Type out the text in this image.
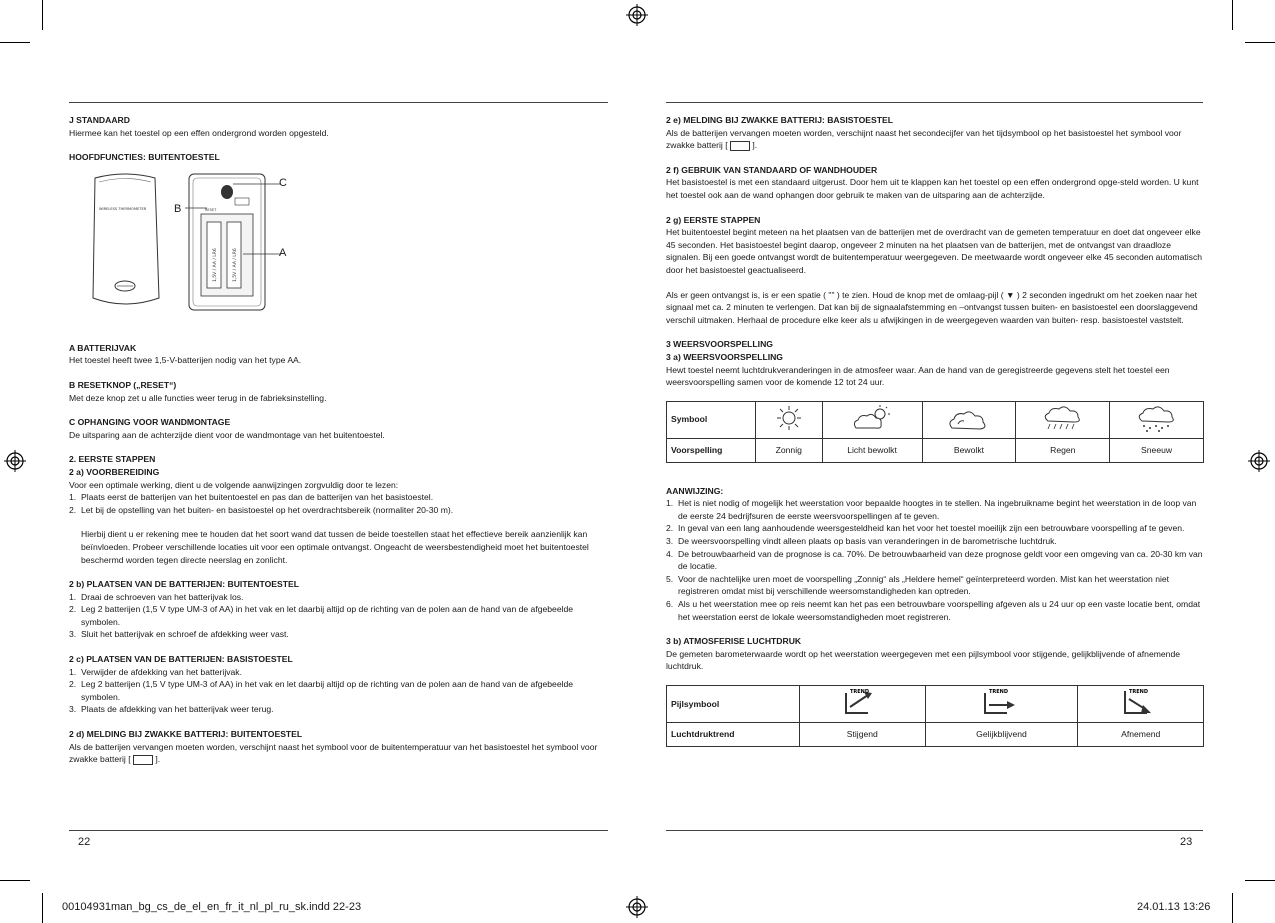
J STANDAARD

Hiermee kan het toestel op een effen ondergrond worden opgesteld.

HOOFDFUNCTIES: BUITENTOESTEL

WIRELESS THERMOMETER
1,5V / AA / LR6	1,5V / AA / LR6
RESET
B
C
A

A BATTERIJVAK

Het toestel heeft twee 1,5-V-batterijen nodig van het type AA.

B RESETKNOP („RESET“)

Met deze knop zet u alle functies weer terug in de fabrieksinstelling.

C OPHANGING VOOR WANDMONTAGE

De uitsparing aan de achterzijde dient voor de wandmontage van het buitentoestel.

2. EERSTE STAPPEN

2 a) VOORBEREIDING

Voor een optimale werking, dient u de volgende aanwijzingen zorgvuldig door te lezen:

1. Plaats eerst de batterijen van het buitentoestel en pas dan de batterijen van het basistoestel.
2. Let bij de opstelling van het buiten- en basistoestel op het overdrachtsbereik (normaliter 20-30 m).

Hierbij dient u er rekening mee te houden dat het soort wand dat tussen de beide toestellen staat het effectieve bereik aanzienlijk kan beïnvloeden. Probeer verschillende locaties uit voor een optimale ontvangst. Ongeacht de weersbestendigheid moet het buitentoestel beschermd worden tegen directe neerslag en zonlicht.

2 b) PLAATSEN VAN DE BATTERIJEN: BUITENTOESTEL

1. Draai de schroeven van het batterijvak los.
2. Leg 2 batterijen (1,5 V type UM-3 of AA) in het vak en let daarbij altijd op de richting van de polen aan de hand van de afgebeelde symbolen.
3. Sluit het batterijvak en schroef de afdekking weer vast.

2 c) PLAATSEN VAN DE BATTERIJEN: BASISTOESTEL

1. Verwijder de afdekking van het batterijvak.
2. Leg 2 batterijen (1,5 V type UM-3 of AA) in het vak en let daarbij altijd op de richting van de polen aan de hand van de afgebeelde symbolen.
3. Plaats de afdekking van het batterijvak weer terug.

2 d) MELDING BIJ ZWAKKE BATTERIJ: BUITENTOESTEL

Als de batterijen vervangen moeten worden, verschijnt naast het symbool voor de buitentemperatuur van het basistoestel het symbool voor zwakke batterij [  ].

22

2 e) MELDING BIJ ZWAKKE BATTERIJ: BASISTOESTEL

Als de batterijen vervangen moeten worden, verschijnt naast het secondecijfer van het tijdsymbool op het basistoestel het symbool voor zwakke batterij [  ].

2 f) GEBRUIK VAN STANDAARD OF WANDHOUDER

Het basistoestel is met een standaard uitgerust. Door hem uit te klappen kan het toestel op een effen ondergrond opge-steld worden. U kunt het toestel ook aan de wand ophangen door gebruik te maken van de uitsparing aan de achterzijde.

2 g) EERSTE STAPPEN

Het buitentoestel begint meteen na het plaatsen van de batterijen met de overdracht van de gemeten temperatuur en doet dat ongeveer elke 45 seconden. Het basistoestel begint daarop, ongeveer 2 minuten na het plaatsen van de batterijen, met de ontvangst van draadloze signalen. Bij een goede ontvangst wordt de buitentemperatuur weergegeven. De meetwaarde wordt ongeveer elke 45 seconden automatisch door het basistoestel geactualiseerd.

Als er geen ontvangst is, is er een spatie ( "" ) te zien. Houd de knop met de omlaag-pijl ( ▼ ) 2 seconden ingedrukt om het zoeken naar het signaal met ca. 2 minuten te verlengen. Dat kan bij de signaalafstemming en –ontvangst tussen buiten- en basistoestel een doorslaggevend verschil uitmaken. Herhaal de procedure elke keer als u afwijkingen in de weergegeven waarden van buiten- resp. basistoestel vaststelt.

3 WEERSVOORSPELLING

3 a) WEERSVOORSPELLING

Hewt toestel neemt luchtdrukveranderingen in de atmosfeer waar. Aan de hand van de geregistreerde gegevens stelt het toestel een weersvoorspelling samen voor de komende 12 tot 24 uur.

Symbool					
Voorspelling	Zonnig	Licht bewolkt	Bewolkt	Regen	Sneeuw

AANWIJZING:

1. Het is niet nodig of mogelijk het weerstation voor bepaalde hoogtes in te stellen. Na ingebruikname begint het weerstation in de loop van de eerste 24 bedrijfsuren de eerste weersvoorspellingen af te geven.
2. In geval van een lang aanhoudende weersgesteldheid kan het voor het toestel moeilijk zijn een betrouwbare voorspelling af te geven.
3. De weersvoorspelling vindt alleen plaats op basis van veranderingen in de barometrische luchtdruk.
4. De betrouwbaarheid van de prognose is ca. 70%. De betrouwbaarheid van deze prognose geldt voor een omgeving van ca. 20-30 km van de locatie.
5. Voor de nachtelijke uren moet de voorspelling „Zonnig“ als „Heldere hemel“ geïnterpreteerd worden. Mist kan het weerstation niet registreren omdat mist bij verschillende weersomstandigheden kan optreden.
6. Als u het weerstation mee op reis neemt kan het pas een betrouwbare voorspelling afgeven als u 24 uur op een vaste locatie bent, omdat het weerstation eerst de lokale weersomstandigheden moet registreren.

3 b) ATMOSFERISE LUCHTDRUK

De gemeten barometerwaarde wordt op het weerstation weergegeven met een pijlsymbool voor stijgende, gelijkblijvende of afnemende luchtdruk.

Pijlsymbool	TREND	TREND	TREND

Luchtdruktrend	Stijgend	Gelijkblijvend	Afnemend
23
00104931man_bg_cs_de_el_en_fr_it_nl_pl_ru_sk.indd 22-23	24.01.13 13:26
